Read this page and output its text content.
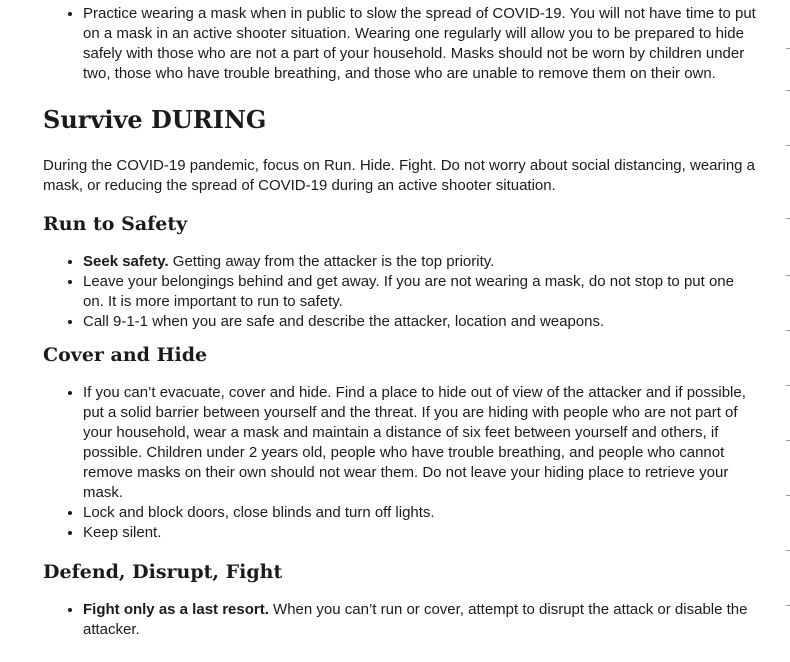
• Practice wearing a mask when in public to slow the spread of COVID-19. You will not have time to put on a mask in an active shooter situation. Wearing one regularly will allow you to be prepared to hide safely with those who are not a part of your household. Masks should not be worn by children under two, those who have trouble breathing, and those who are unable to remove them on their own.
Survive DURING

During the COVID-19 pandemic, focus on Run. Hide. Fight. Do not worry about social distancing, wearing a mask, or reducing the spread of COVID-19 during an active shooter situation.

Run to Safety
• Seek safety. Getting away from the attacker is the top priority.
• Leave your belongings behind and get away. If you are not wearing a mask, do not stop to put one on. It is more important to run to safety.
• Call 9-1-1 when you are safe and describe the attacker, location and weapons.
Cover and Hide
• If you can’t evacuate, cover and hide. Find a place to hide out of view of the attacker and if possible, put a solid barrier between yourself and the threat. If you are hiding with people who are not part of your household, wear a mask and maintain a distance of six feet between yourself and others, if possible. Children under 2 years old, people who have trouble breathing, and people who cannot remove masks on their own should not wear them. Do not leave your hiding place to retrieve your mask.
• Lock and block doors, close blinds and turn off lights.
• Keep silent.
Defend, Disrupt, Fight
• Fight only as a last resort. When you can’t run or cover, attempt to disrupt the attack or disable the attacker.
